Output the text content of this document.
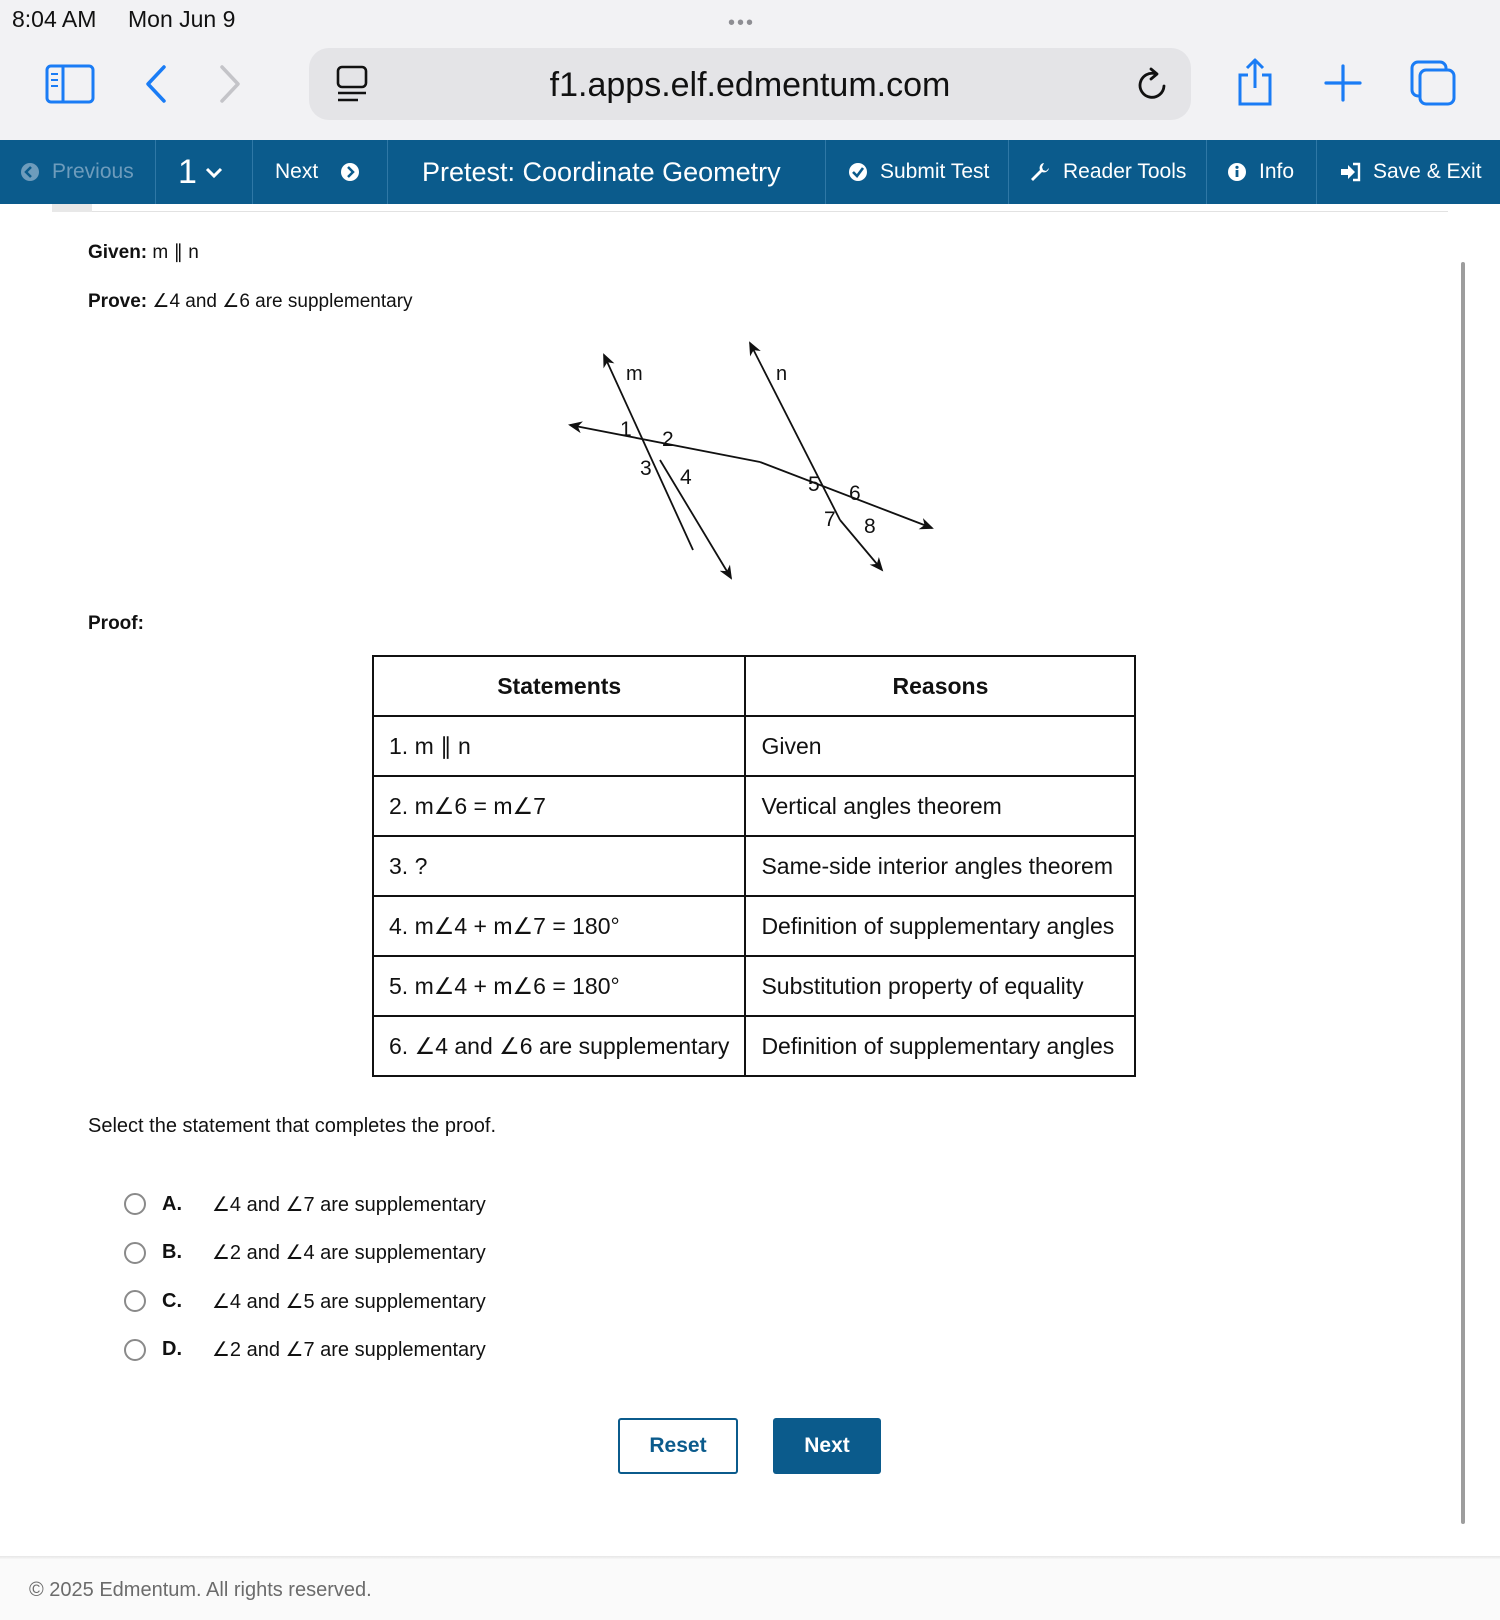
8:04 AM Mon Jun 9	•••
f1.apps.elf.edmentum.com
Previous 1	Next	Pretest: Coordinate Geometry	Submit Test	Reader Tools	Info	Save & Exit
Given: m ∥ n
Prove: ∠4 and ∠6 are supplementary
m	n
1 2
3 4	5 6
7 8
Proof:
Statements	Reasons
1. m ∥ n	Given
2. m∠6 = m∠7	Vertical angles theorem
3. ?	Same-side interior angles theorem
4. m∠4 + m∠7 = 180°	Definition of supplementary angles
5. m∠4 + m∠6 = 180°	Substitution property of equality
6. ∠4 and ∠6 are supplementary	Definition of supplementary angles
Select the statement that completes the proof.
A.	∠4 and ∠7 are supplementary
B.	∠2 and ∠4 are supplementary
C.	∠4 and ∠5 are supplementary
D.	∠2 and ∠7 are supplementary
Reset	Next
© 2025 Edmentum. All rights reserved.
